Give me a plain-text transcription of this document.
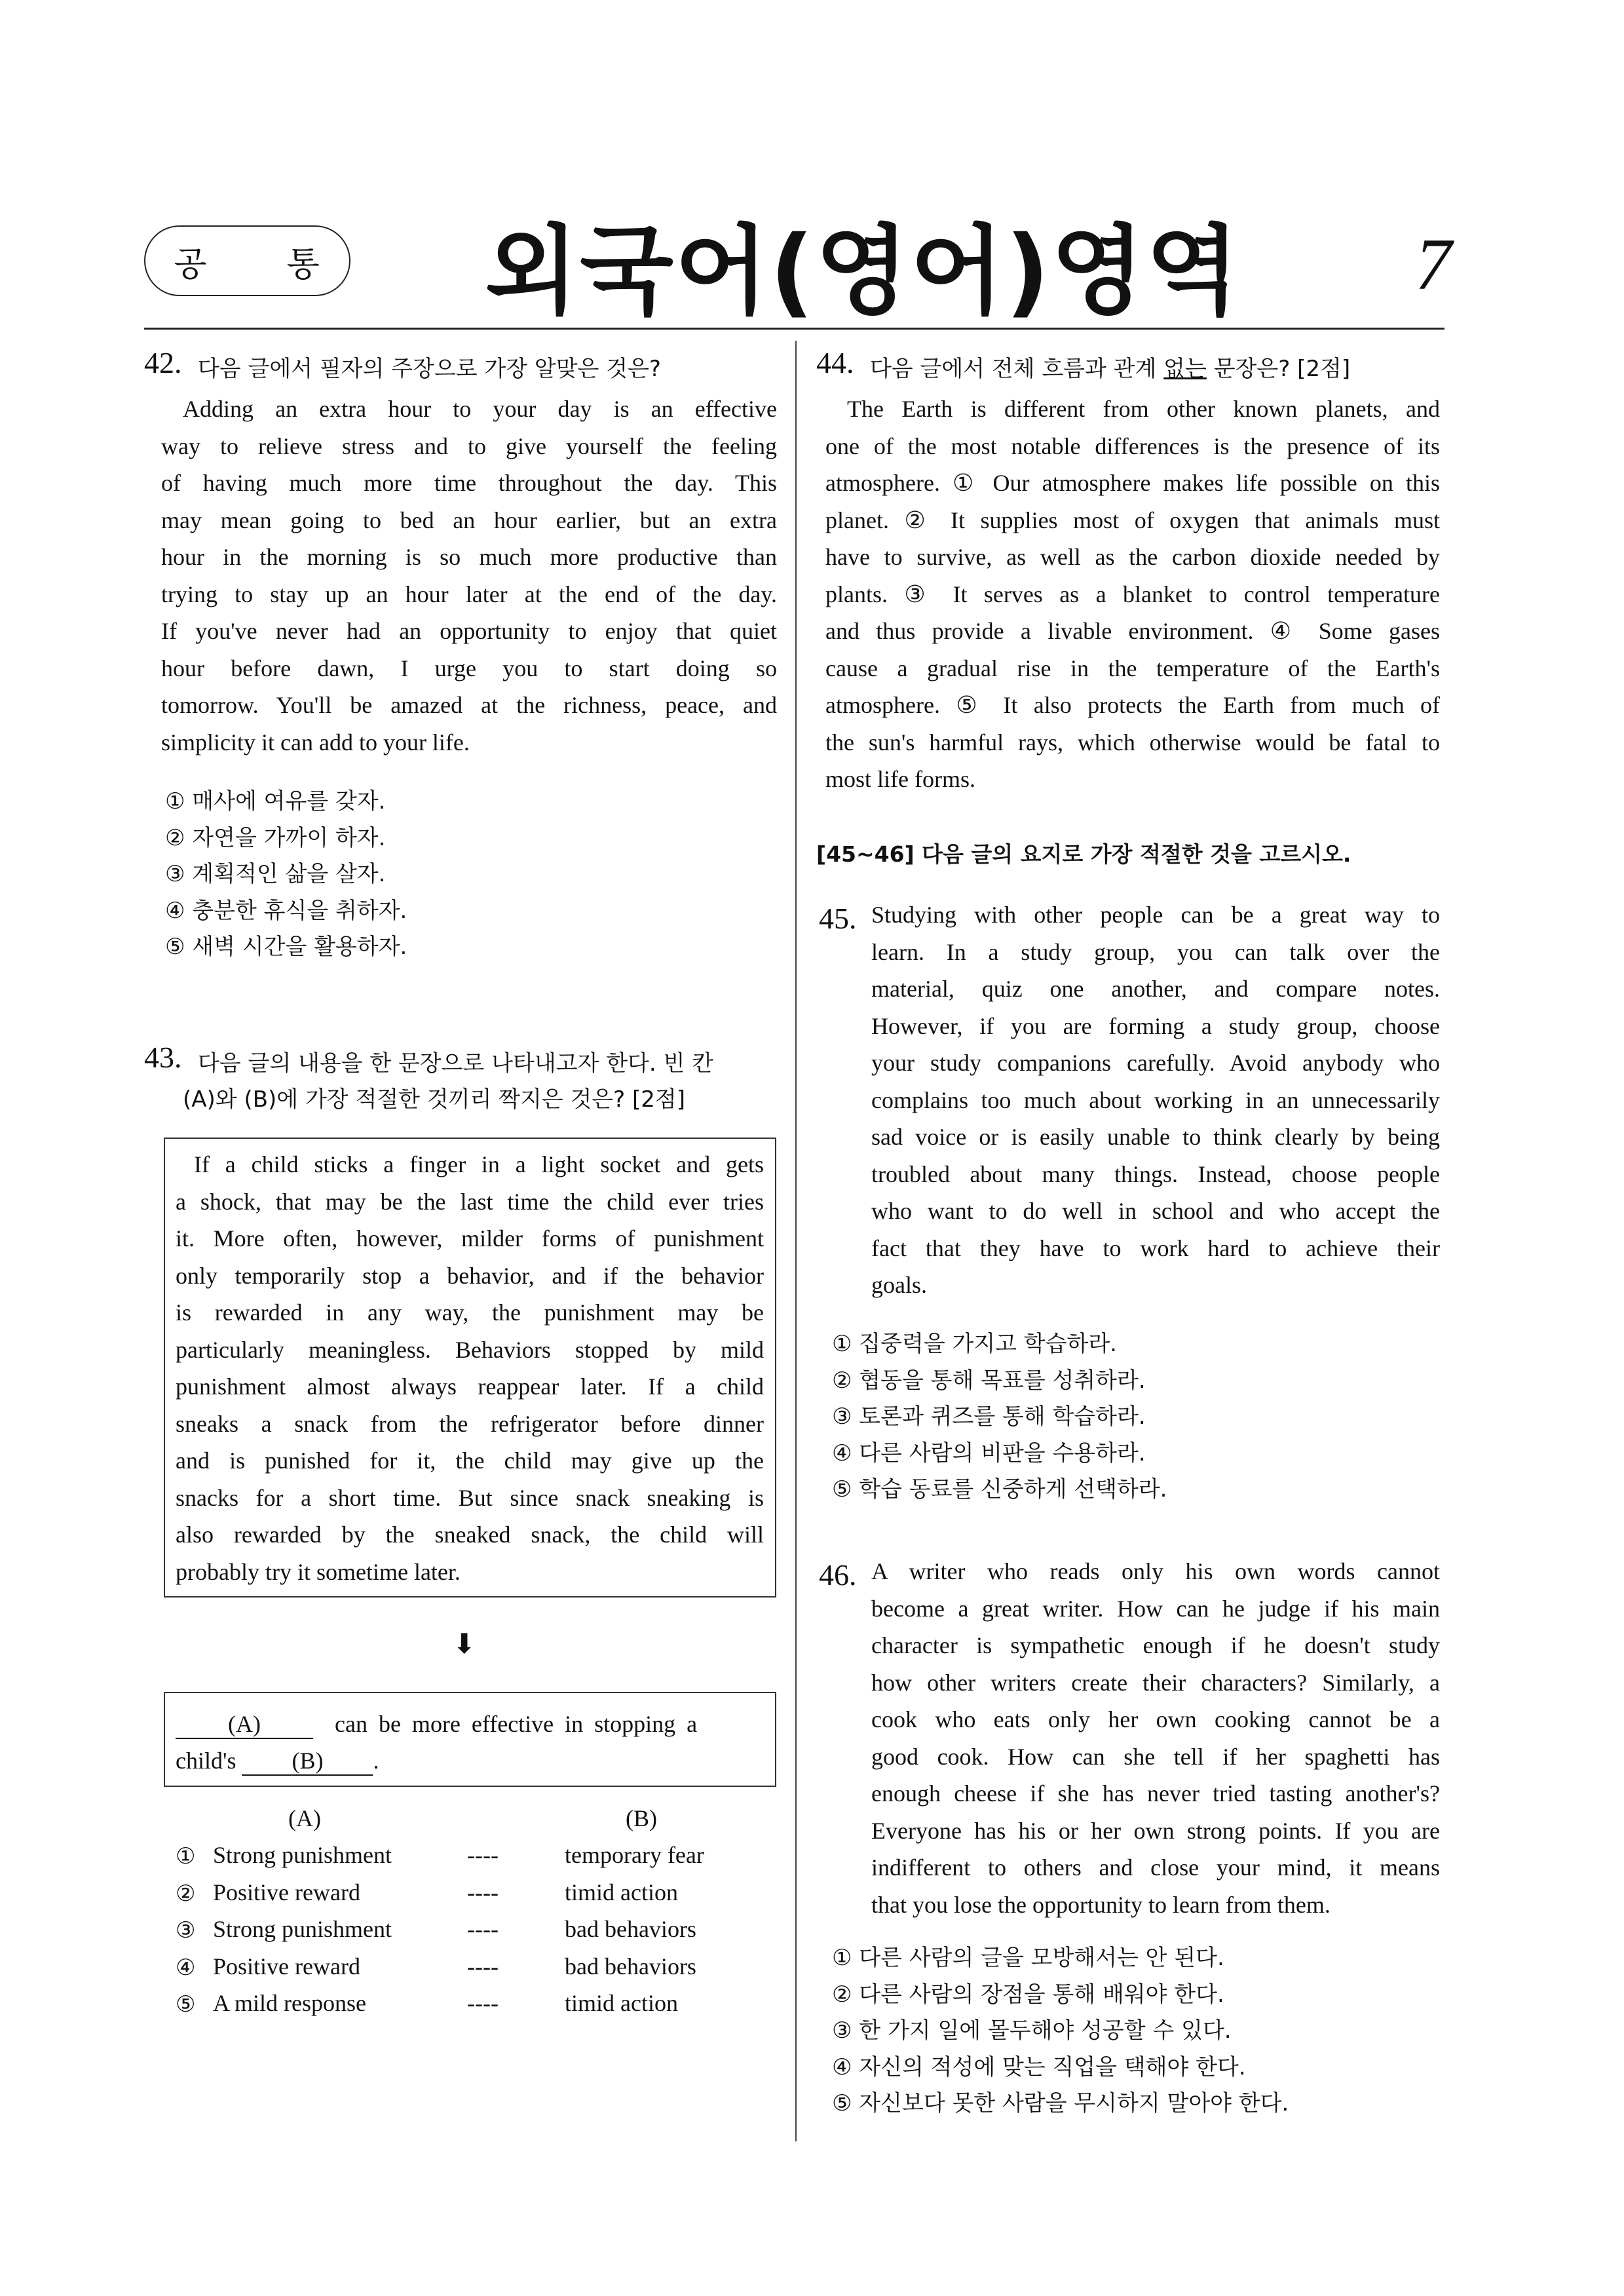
공 통 외국어(영어)영역 7
42. 다음 글에서 필자의 주장으로 가장 알맞은 것은?
Adding an extra hour to your day is an effective
way to relieve stress and to give yourself the feeling
of having much more time throughout the day. This
may mean going to bed an hour earlier, but an extra
hour in the morning is so much more productive than
trying to stay up an hour later at the end of the day.
If you've never had an opportunity to enjoy that quiet
hour before dawn, I urge you to start doing so
tomorrow. You'll be amazed at the richness, peace, and
simplicity it can add to your life.
① 매사에 여유를 갖자.
② 자연을 가까이 하자.
③ 계획적인 삶을 살자.
④ 충분한 휴식을 취하자.
⑤ 새벽 시간을 활용하자.
43. 다음 글의 내용을 한 문장으로 나타내고자 한다. 빈 칸
(A)와 (B)에 가장 적절한 것끼리 짝지은 것은? [2점]
If a child sticks a finger in a light socket and gets
a shock, that may be the last time the child ever tries
it. More often, however, milder forms of punishment
only temporarily stop a behavior, and if the behavior
is rewarded in any way, the punishment may be
particularly meaningless. Behaviors stopped by mild
punishment almost always reappear later. If a child
sneaks a snack from the refrigerator before dinner
and is punished for it, the child may give up the
snacks for a short time. But since snack sneaking is
also rewarded by the sneaked snack, the child will
probably try it sometime later.
⬇
(A)	can be more effective in stopping a
child's (B) .
(A)	(B)
① Strong punishment	----	temporary fear
② Positive reward	----	timid action
③ Strong punishment	----	bad behaviors
④ Positive reward	----	bad behaviors
⑤ A mild response	----	timid action
44. 다음 글에서 전체 흐름과 관계 없는 문장은? [2점]
The Earth is different from other known planets, and
one of the most notable differences is the presence of its
atmosphere. ① Our atmosphere makes life possible on this
planet. ② It supplies most of oxygen that animals must
have to survive, as well as the carbon dioxide needed by
plants. ③ It serves as a blanket to control temperature
and thus provide a livable environment. ④ Some gases
cause a gradual rise in the temperature of the Earth's
atmosphere. ⑤ It also protects the Earth from much of
the sun's harmful rays, which otherwise would be fatal to
most life forms.
[45~46] 다음 글의 요지로 가장 적절한 것을 고르시오.
45. Studying with other people can be a great way to
learn. In a study group, you can talk over the
material, quiz one another, and compare notes.
However, if you are forming a study group, choose
your study companions carefully. Avoid anybody who
complains too much about working in an unnecessarily
sad voice or is easily unable to think clearly by being
troubled about many things. Instead, choose people
who want to do well in school and who accept the
fact that they have to work hard to achieve their
goals.
① 집중력을 가지고 학습하라.
② 협동을 통해 목표를 성취하라.
③ 토론과 퀴즈를 통해 학습하라.
④ 다른 사람의 비판을 수용하라.
⑤ 학습 동료를 신중하게 선택하라.
46. A writer who reads only his own words cannot
become a great writer. How can he judge if his main
character is sympathetic enough if he doesn't study
how other writers create their characters? Similarly, a
cook who eats only her own cooking cannot be a
good cook. How can she tell if her spaghetti has
enough cheese if she has never tried tasting another's?
Everyone has his or her own strong points. If you are
indifferent to others and close your mind, it means
that you lose the opportunity to learn from them.
① 다른 사람의 글을 모방해서는 안 된다.
② 다른 사람의 장점을 통해 배워야 한다.
③ 한 가지 일에 몰두해야 성공할 수 있다.
④ 자신의 적성에 맞는 직업을 택해야 한다.
⑤ 자신보다 못한 사람을 무시하지 말아야 한다.
